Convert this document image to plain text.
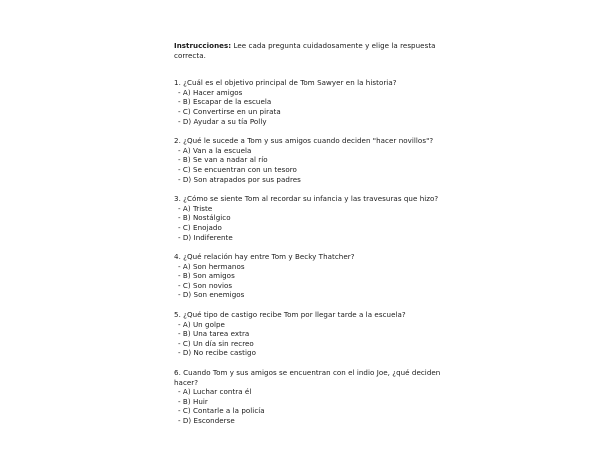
Instrucciones: Lee cada pregunta cuidadosamente y elige la respuesta correcta.

1. ¿Cuál es el objetivo principal de Tom Sawyer en la historia?

- A) Hacer amigos

- B) Escapar de la escuela

- C) Convertirse en un pirata

- D) Ayudar a su tía Polly

2. ¿Qué le sucede a Tom y sus amigos cuando deciden "hacer novillos"?

- A) Van a la escuela

- B) Se van a nadar al río

- C) Se encuentran con un tesoro

- D) Son atrapados por sus padres

3. ¿Cómo se siente Tom al recordar su infancia y las travesuras que hizo?

- A) Triste

- B) Nostálgico

- C) Enojado

- D) Indiferente

4. ¿Qué relación hay entre Tom y Becky Thatcher?

- A) Son hermanos

- B) Son amigos

- C) Son novios

- D) Son enemigos

5. ¿Qué tipo de castigo recibe Tom por llegar tarde a la escuela?

- A) Un golpe

- B) Una tarea extra

- C) Un día sin recreo

- D) No recibe castigo

6. Cuando Tom y sus amigos se encuentran con el indio Joe, ¿qué deciden hacer?

- A) Luchar contra él

- B) Huir

- C) Contarle a la policía

- D) Esconderse
